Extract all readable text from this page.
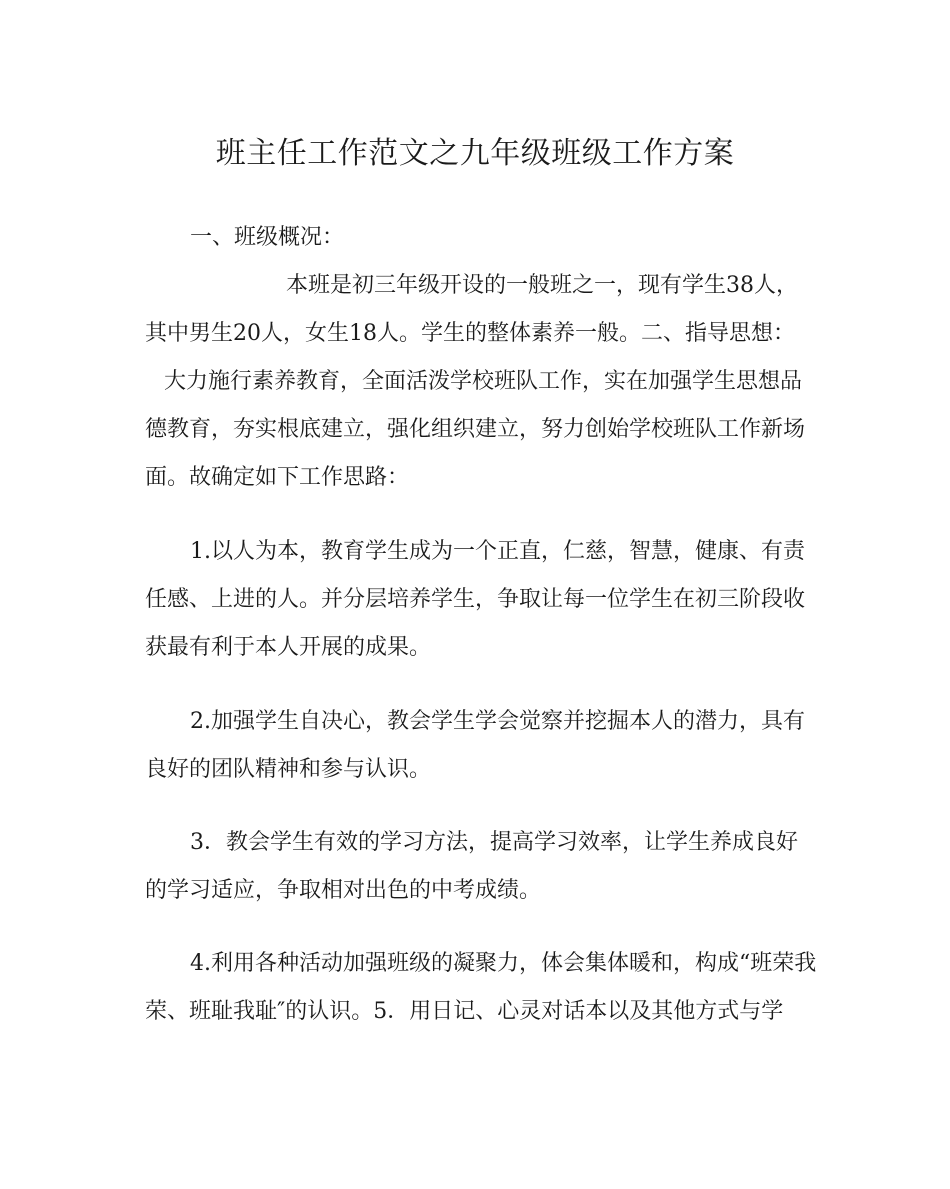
班主任工作范文之九年级班级工作方案

一、班级概况：

本班是初三年级开设的一般班之一，现有学生38人，

其中男生20人，女生18人。学生的整体素养一般。二、指导思想：

大力施行素养教育，全面活泼学校班队工作，实在加强学生思想品

德教育，夯实根底建立，强化组织建立，努力创始学校班队工作新场

面。故确定如下工作思路：

1.以人为本，教育学生成为一个正直，仁慈，智慧，健康、有责

任感、上进的人。并分层培养学生，争取让每一位学生在初三阶段收

获最有利于本人开展的成果。

2.加强学生自决心，教会学生学会觉察并挖掘本人的潜力，具有

良好的团队精神和参与认识。

3．教会学生有效的学习方法，提高学习效率，让学生养成良好

的学习适应，争取相对出色的中考成绩。

4.利用各种活动加强班级的凝聚力，体会集体暖和，构成“班荣我

荣、班耻我耻″的认识。5．用日记、心灵对话本以及其他方式与学
